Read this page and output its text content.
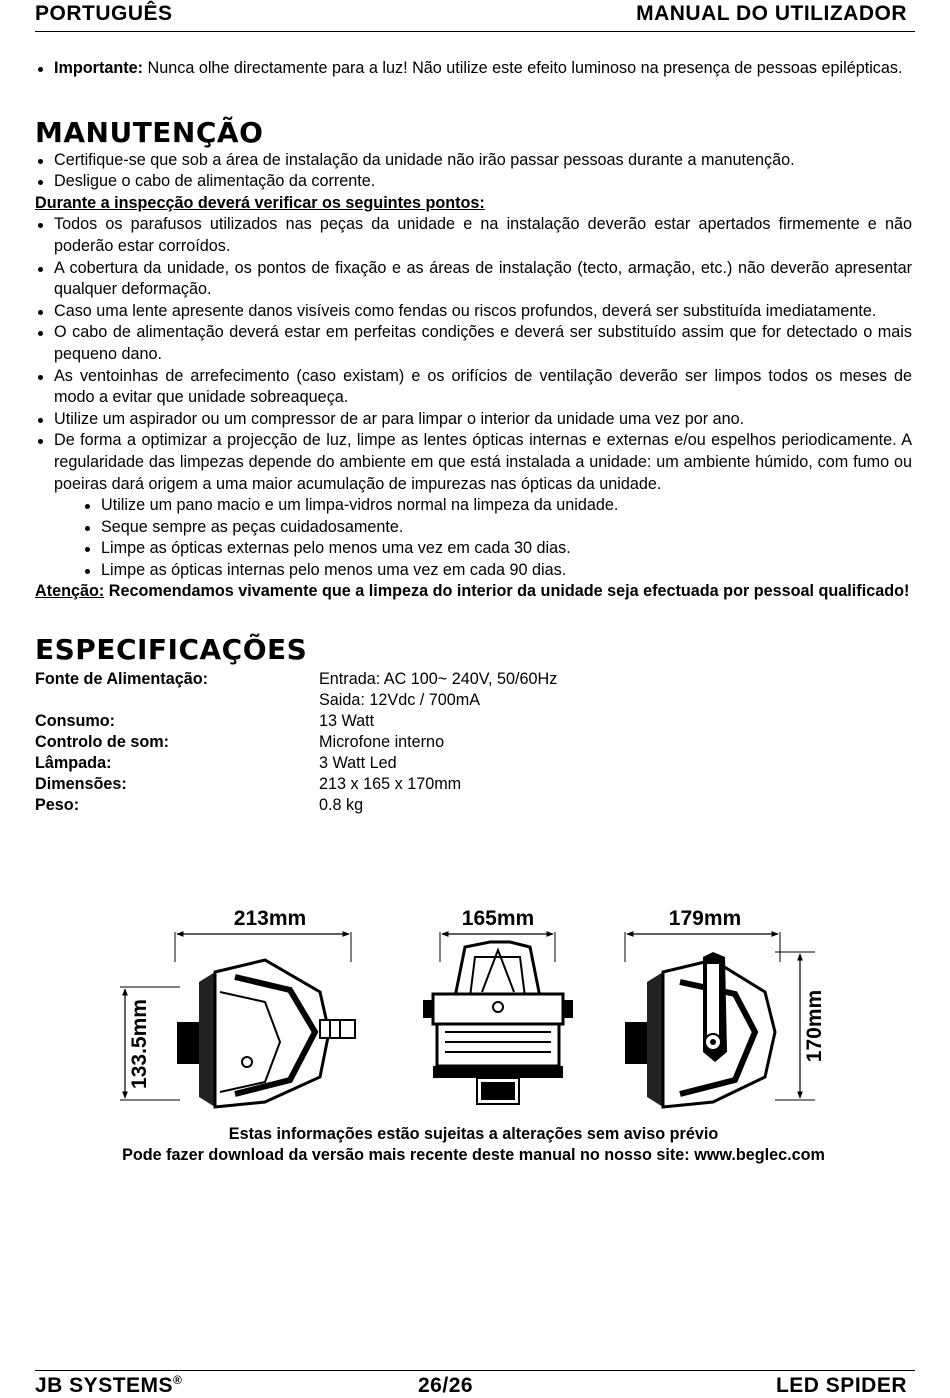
PORTUGUÊS	MANUAL DO UTILIZADOR
Importante: Nunca olhe directamente para a luz! Não utilize este efeito luminoso na presença de pessoas epilépticas.
MANUTENÇÃO
Certifique-se que sob a área de instalação da unidade não irão passar pessoas durante a manutenção.
Desligue o cabo de alimentação da corrente.
Durante a inspecção deverá verificar os seguintes pontos:
Todos os parafusos utilizados nas peças da unidade e na instalação deverão estar apertados firmemente e não poderão estar corroídos.
A cobertura da unidade, os pontos de fixação e as áreas de instalação (tecto, armação, etc.) não deverão apresentar qualquer deformação.
Caso uma lente apresente danos visíveis como fendas ou riscos profundos, deverá ser substituída imediatamente.
O cabo de alimentação deverá estar em perfeitas condições e deverá ser substituído assim que for detectado o mais pequeno dano.
As ventoinhas de arrefecimento (caso existam) e os orifícios de ventilação deverão ser limpos todos os meses de modo a evitar que unidade sobreaqueça.
Utilize um aspirador ou um compressor de ar para limpar o interior da unidade uma vez por ano.
De forma a optimizar a projecção de luz, limpe as lentes ópticas internas e externas e/ou espelhos periodicamente. A regularidade das limpezas depende do ambiente em que está instalada a unidade: um ambiente húmido, com fumo ou poeiras dará origem a uma maior acumulação de impurezas nas ópticas da unidade.
Utilize um pano macio e um limpa-vidros normal na limpeza da unidade.
Seque sempre as peças cuidadosamente.
Limpe as ópticas externas pelo menos uma vez em cada 30 dias.
Limpe as ópticas internas pelo menos uma vez em cada 90 dias.
Atenção: Recomendamos vivamente que a limpeza do interior da unidade seja efectuada por pessoal qualificado!
ESPECIFICAÇÕES
Fonte de Alimentação:	Entrada: AC 100~ 240V, 50/60Hz
	Saida: 12Vdc / 700mA
Consumo:	13 Watt
Controlo de som:	Microfone interno
Lâmpada:	3 Watt Led
Dimensões:	213 x 165 x 170mm
Peso:	0.8 kg
213mm
133.5mm
165mm	179mm
170mm
Estas informações estão sujeitas a alterações sem aviso prévio
Pode fazer download da versão mais recente deste manual no nosso site: www.beglec.com
JB SYSTEMS®	26/26	LED SPIDER
